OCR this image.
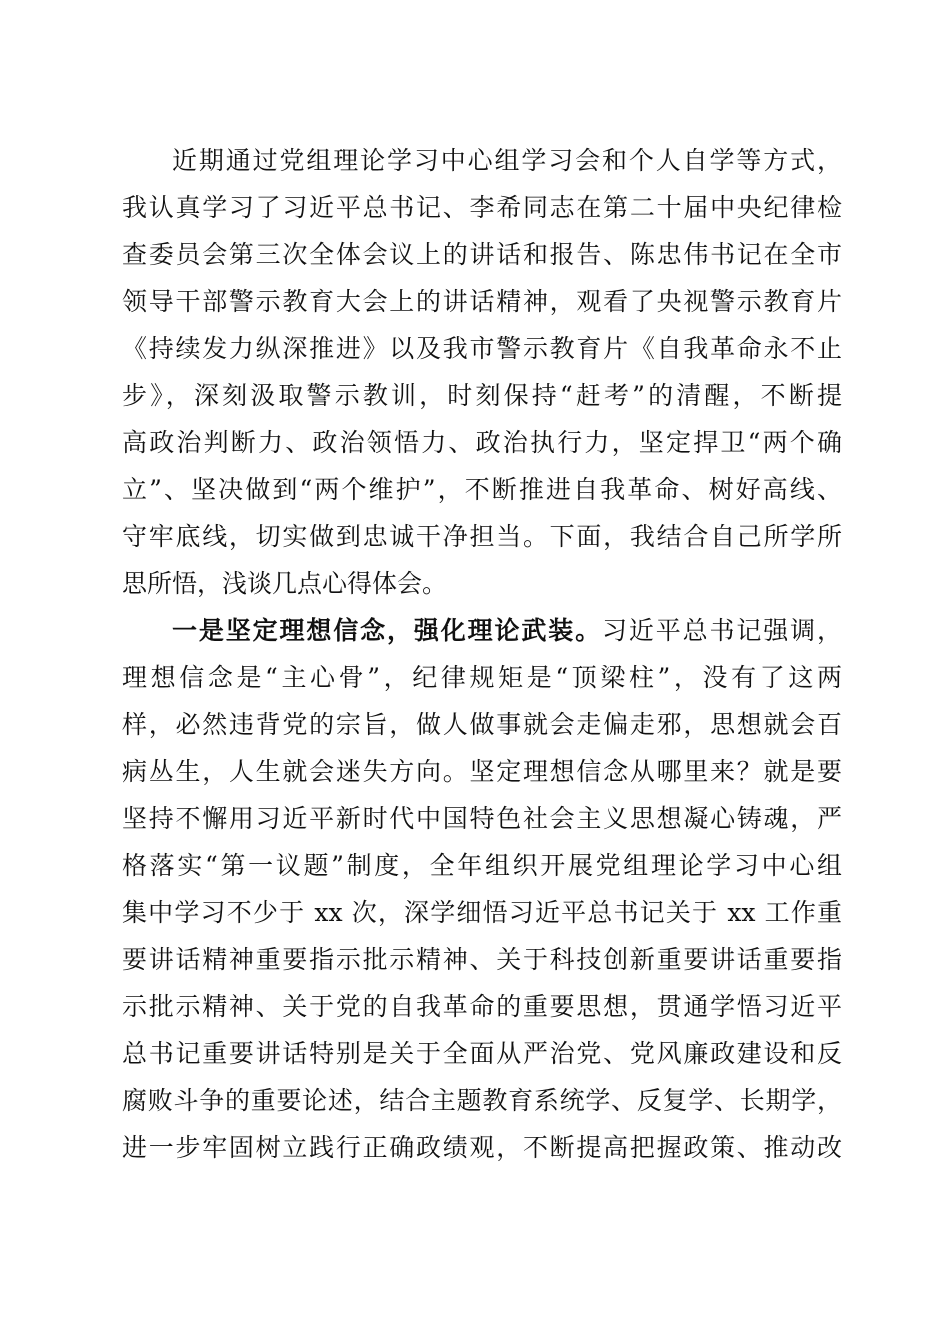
近期通过党组理论学习中心组学习会和个人自学等方式，
我认真学习了习近平总书记、李希同志在第二十届中央纪律检
查委员会第三次全体会议上的讲话和报告、陈忠伟书记在全市
领导干部警示教育大会上的讲话精神，观看了央视警示教育片
《持续发力纵深推进》以及我市警示教育片《自我革命永不止
步》，深刻汲取警示教训，时刻保持“赶考”的清醒，不断提
高政治判断力、政治领悟力、政治执行力，坚定捍卫“两个确
立”、坚决做到“两个维护”，不断推进自我革命、树好高线、
守牢底线，切实做到忠诚干净担当。下面，我结合自己所学所
思所悟，浅谈几点心得体会。

一是坚定理想信念，强化理论武装。习近平总书记强调，
理想信念是“主心骨”，纪律规矩是“顶梁柱”，没有了这两
样，必然违背党的宗旨，做人做事就会走偏走邪，思想就会百
病丛生，人生就会迷失方向。坚定理想信念从哪里来？就是要
坚持不懈用习近平新时代中国特色社会主义思想凝心铸魂，严
格落实“第一议题”制度，全年组织开展党组理论学习中心组
集中学习不少于 xx 次，深学细悟习近平总书记关于 xx 工作重
要讲话精神重要指示批示精神、关于科技创新重要讲话重要指
示批示精神、关于党的自我革命的重要思想，贯通学悟习近平
总书记重要讲话特别是关于全面从严治党、党风廉政建设和反
腐败斗争的重要论述，结合主题教育系统学、反复学、长期学，
进一步牢固树立践行正确政绩观，不断提高把握政策、推动改
